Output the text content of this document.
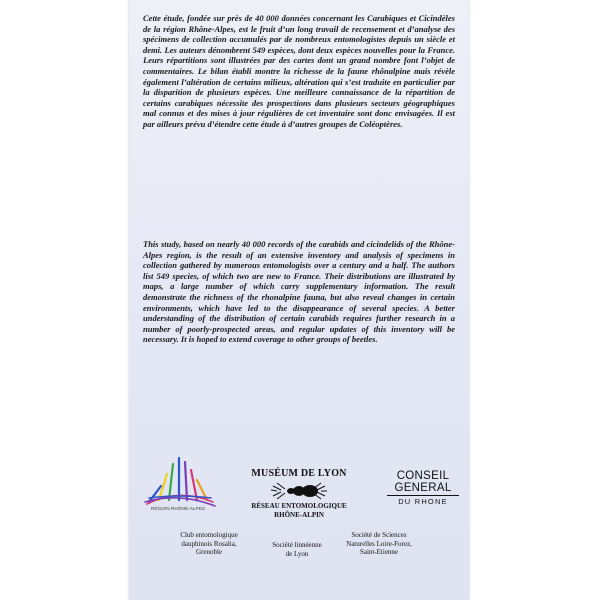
Cette étude, fondée sur près de 40 000 données concernant les Carabiques et Cicindèles de la région Rhône-Alpes, est le fruit d’un long travail de recensement et d’analyse des spécimens de collection accumulés par de nombreux entomologistes depuis un siècle et demi. Les auteurs dénombrent 549 espèces, dont deux espèces nouvelles pour la France. Leurs répartitions sont illustrées par des cartes dont un grand nombre font l’objet de commentaires. Le bilan établi montre la richesse de la faune rhônalpine mais révèle également l’altération de certains milieux, altération qui s’est traduite en particulier par la disparition de plusieurs espèces. Une meilleure connaissance de la répartition de certains carabiques nécessite des prospections dans plusieurs secteurs géographiques mal connus et des mises à jour régulières de cet inventaire sont donc envisagées. Il est par ailleurs prévu d’étendre cette étude à d’autres groupes de Coléoptères.

This study, based on nearly 40 000 records of the carabids and cicindelids of the Rhône-Alpes region, is the result of an extensive inventory and analysis of specimens in collection gathered by numerous entomologists over a century and a half. The authors list 549 species, of which two are new to France. Their distributions are illustrated by maps, a large number of which carry supplementary information. The result demonstrate the richness of the rhonalpine fauna, but also reveal changes in certain environments, which have led to the disappearance of several species. A better understanding of the distribution of certain carabids requires further research in a number of poorly-prospected areas, and regular updates of this inventory will be necessary. It is hoped to extend coverage to other groups of beetles.

RÉGION RHÔNE-ALPES
MUSÉUM DE LYON
RÉSEAU ENTOMOLOGIQUE
RHÔNE-ALPIN
CONSEIL
GENERAL
DU RHONE
Club entomologique
dauphinois Rosalia,
Grenoble
Société linnéenne
de Lyon
Société de Sciences
Naturelles Loire-Forez,
Saint-Etienne
